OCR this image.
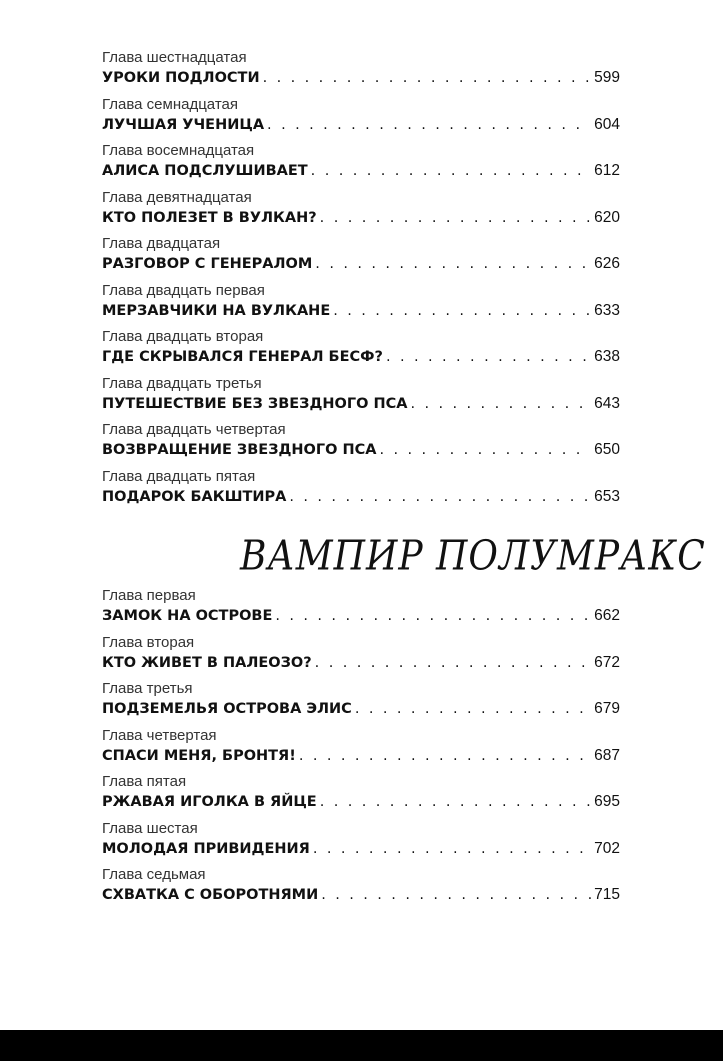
Глава шестнадцатая
УРОКИ ПОДЛОСТИ . . .	599
Глава семнадцатая
ЛУЧШАЯ УЧЕНИЦА . . .	604
Глава восемнадцатая
АЛИСА ПОДСЛУШИВАЕТ . . .	612
Глава девятнадцатая
КТО ПОЛЕЗЕТ В ВУЛКАН? . . .	620
Глава двадцатая
РАЗГОВОР С ГЕНЕРАЛОМ . . .	626
Глава двадцать первая
МЕРЗАВЧИКИ НА ВУЛКАНЕ . . .	633
Глава двадцать вторая
ГДЕ СКРЫВАЛСЯ ГЕНЕРАЛ БЕСФ? . . .	638
Глава двадцать третья
ПУТЕШЕСТВИЕ БЕЗ ЗВЕЗДНОГО ПСА . . .	643
Глава двадцать четвертая
ВОЗВРАЩЕНИЕ ЗВЕЗДНОГО ПСА . . .	650
Глава двадцать пятая
ПОДАРОК БАКШТИРА . . .	653
ВАМПИР ПОЛУМРАКС
Глава первая
ЗАМОК НА ОСТРОВЕ . . .	662
Глава вторая
КТО ЖИВЕТ В ПАЛЕОЗО? . . .	672
Глава третья
ПОДЗЕМЕЛЬЯ ОСТРОВА ЭЛИС . . .	679
Глава четвертая
СПАСИ МЕНЯ, БРОНТЯ! . . .	687
Глава пятая
РЖАВАЯ ИГОЛКА В ЯЙЦЕ . . .	695
Глава шестая
МОЛОДАЯ ПРИВИДЕНИЯ . . .	702
Глава седьмая
СХВАТКА С ОБОРОТНЯМИ . . .	715
